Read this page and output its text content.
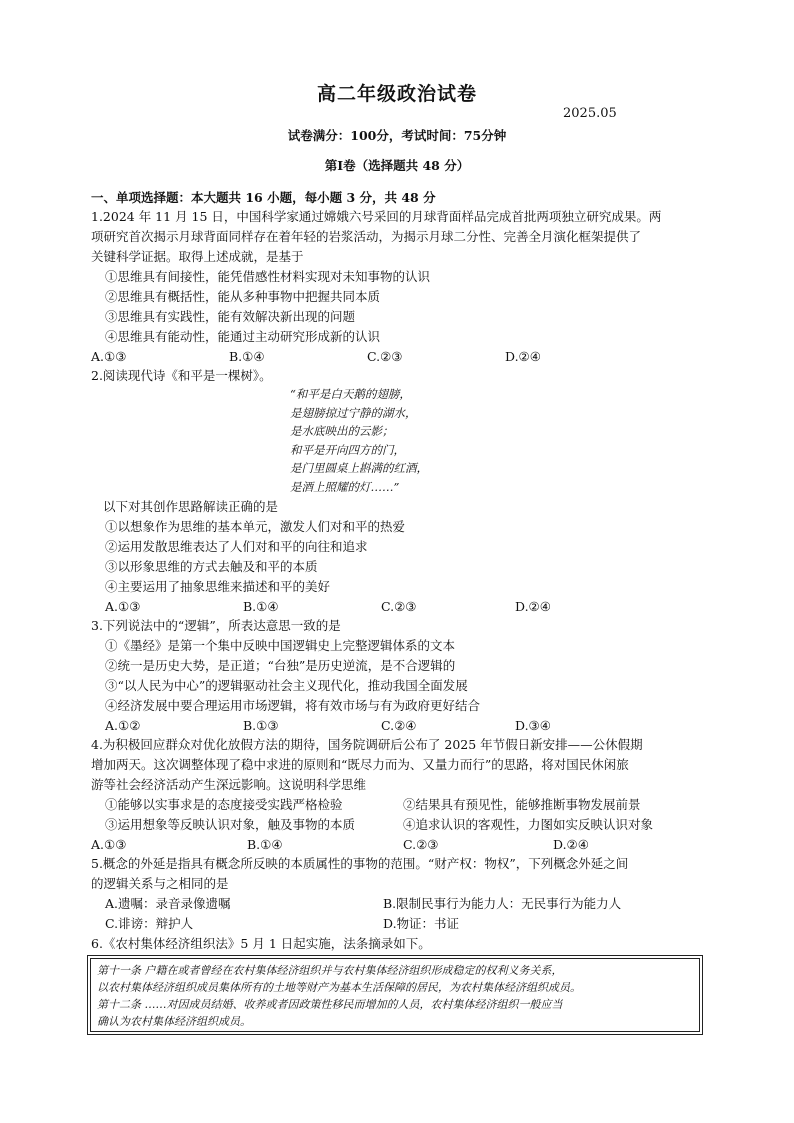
高二年级政治试卷
2025.05
试卷满分：100分，考试时间：75分钟
第Ⅰ卷（选择题共 48 分）
一、单项选择题：本大题共 16 小题，每小题 3 分，共 48 分
1.2024 年 11 月 15 日，中国科学家通过嫦娥六号采回的月球背面样品完成首批两项独立研究成果。两
项研究首次揭示月球背面同样存在着年轻的岩浆活动，为揭示月球二分性、完善全月演化框架提供了
关键科学证据。取得上述成就，是基于
①思维具有间接性，能凭借感性材料实现对未知事物的认识
②思维具有概括性，能从多种事物中把握共同本质
③思维具有实践性，能有效解决新出现的问题
④思维具有能动性，能通过主动研究形成新的认识
A.①③	B.①④	C.②③	D.②④
2.阅读现代诗《和平是一棵树》。
“和平是白天鹅的翅膀，
是翅膀掠过宁静的湖水，
是水底映出的云影；
和平是开向四方的门，
是门里圆桌上斟满的红酒，
是酒上照耀的灯……”
以下对其创作思路解读正确的是
①以想象作为思维的基本单元，激发人们对和平的热爱
②运用发散思维表达了人们对和平的向往和追求
③以形象思维的方式去触及和平的本质
④主要运用了抽象思维来描述和平的美好
A.①③	B.①④	C.②③	D.②④
3.下列说法中的“逻辑”，所表达意思一致的是
①《墨经》是第一个集中反映中国逻辑史上完整逻辑体系的文本
②统一是历史大势，是正道；“台独”是历史逆流，是不合逻辑的
③“以人民为中心”的逻辑驱动社会主义现代化，推动我国全面发展
④经济发展中要合理运用市场逻辑，将有效市场与有为政府更好结合
A.①②	B.①③	C.②④	D.③④
4.为积极回应群众对优化放假方法的期待，国务院调研后公布了 2025 年节假日新安排——公休假期
增加两天。这次调整体现了稳中求进的原则和“既尽力而为、又量力而行”的思路，将对国民休闲旅
游等社会经济活动产生深远影响。这说明科学思维
①能够以实事求是的态度接受实践严格检验	②结果具有预见性，能够推断事物发展前景
③运用想象等反映认识对象，触及事物的本质	④追求认识的客观性，力图如实反映认识对象
A.①③	B.①④	C.②③	D.②④
5.概念的外延是指具有概念所反映的本质属性的事物的范围。“财产权：物权”，下列概念外延之间
的逻辑关系与之相同的是
A.遗嘱：录音录像遗嘱	B.限制民事行为能力人：无民事行为能力人
C.诽谤：辩护人	D.物证：书证
6.《农村集体经济组织法》5 月 1 日起实施，法条摘录如下。
第十一条 户籍在或者曾经在农村集体经济组织并与农村集体经济组织形成稳定的权利义务关系，
以农村集体经济组织成员集体所有的土地等财产为基本生活保障的居民，为农村集体经济组织成员。
第十二条 ……对因成员结婚、收养或者因政策性移民而增加的人员，农村集体经济组织一般应当
确认为农村集体经济组织成员。
